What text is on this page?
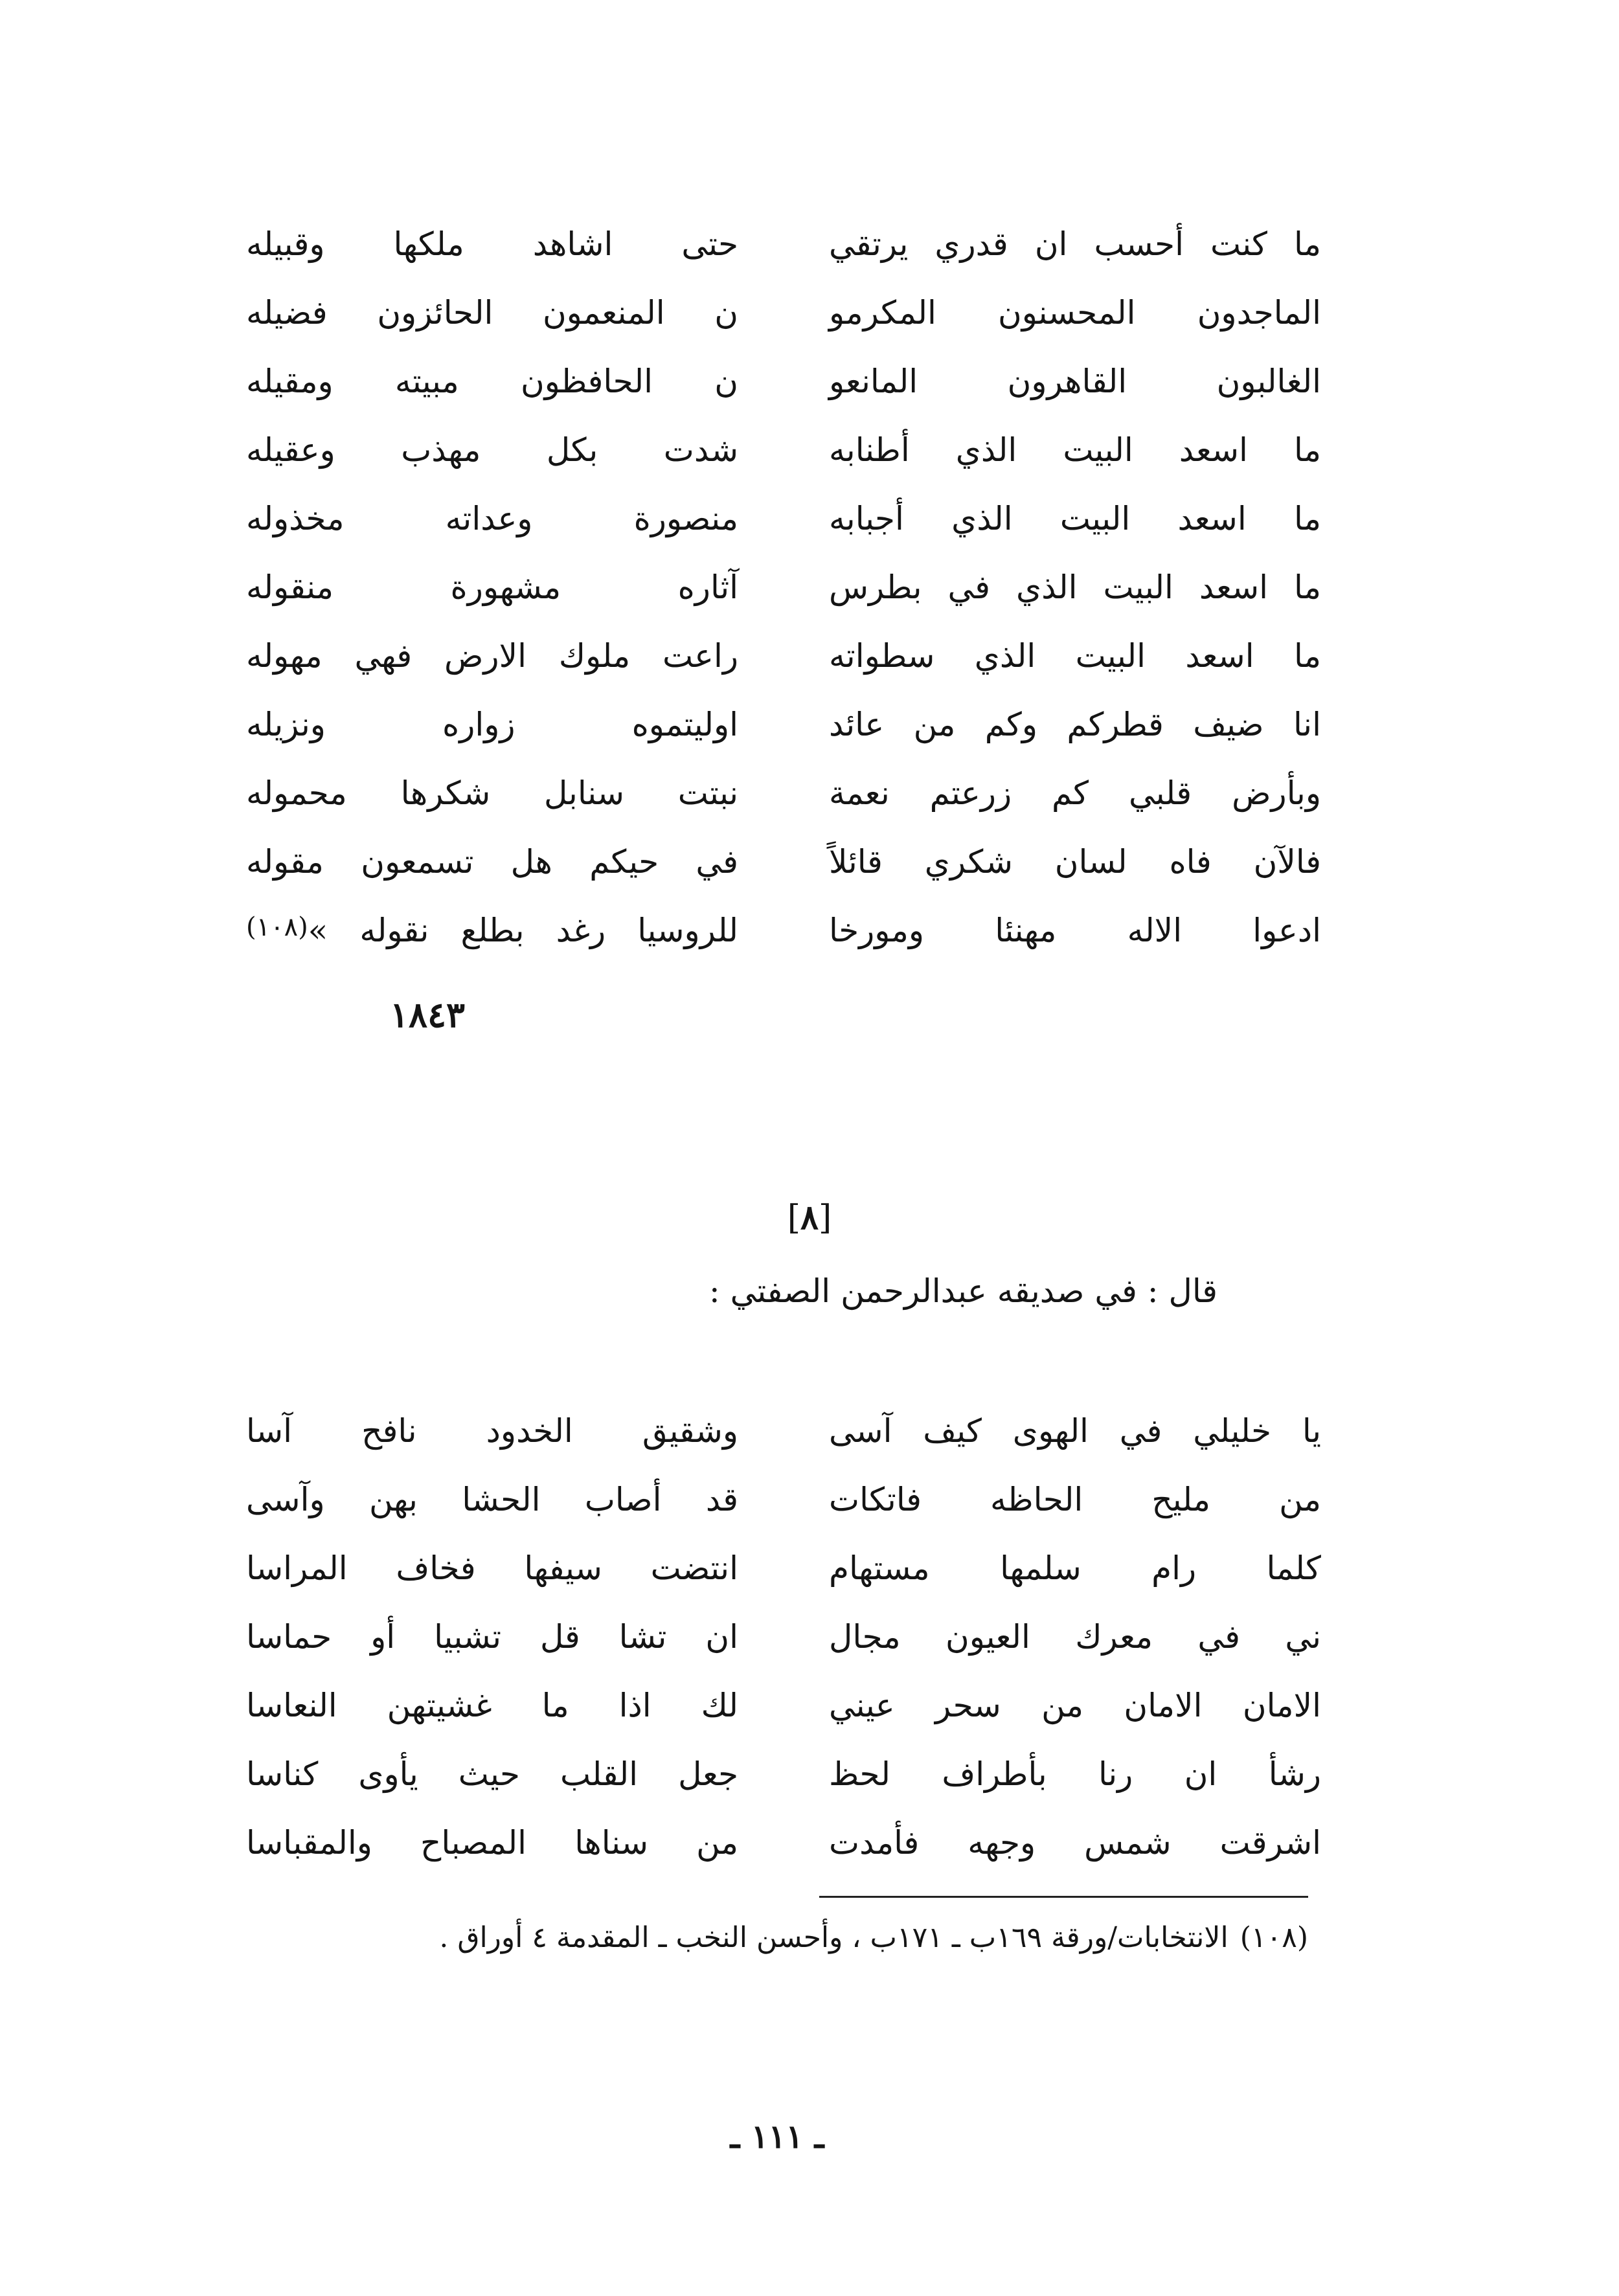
ما كنت أحسب ان قدري يرتقي
الماجدون المحسنون المكرمو
الغالبون القاهرون المانعو
ما اسعد البيت الذي أطنابه
ما اسعد البيت الذي أجبابه
ما اسعد البيت الذي في بطرس
ما اسعد البيت الذي سطواته
انا ضيف قطركم وكم من عائد
وبأرض قلبي كم زرعتم نعمة
فالآن فاه لسان شكري قائلاً
ادعوا الاله مهنئا ومورخا
حتى اشاهد ملكها وقبيله
ن المنعمون الحائزون فضيله
ن الحافظون مبيته ومقيله
شدت بكل مهذب وعقيله
منصورة وعداته مخذوله
آثاره مشهورة منقوله
راعت ملوك الارض فهي مهوله
اوليتموه زواره ونزيله
نبتت سنابل شكرها محموله
في حيكم هل تسمعون مقوله
للروسيا رغد بطلع نقوله »$^{(١٠٨)}$
١٨٤٣
[٨]
قال : في صديقه عبدالرحمن الصفتي :
يا خليلي في الهوى كيف آسى
من مليح الحاظه فاتكات
كلما رام سلمها مستهام
ني في معرك العيون مجال
الامان الامان من سحر عيني
رشأ ان رنا بأطراف لحظ
اشرقت شمس وجهه فأمدت
وشقيق الخدود نافح آسا
قد أصاب الحشا بهن وآسى
انتضت سيفها فخاف المراسا
ان تشا قل تشبيا أو حماسا
لك اذا ما غشيتهن النعاسا
جعل القلب حيث يأوى كناسا
من سناها المصباح والمقباسا
(١٠٨)الانتخابات/ورقة ١٦٩ب ـ ١٧١ب ، وأحسن النخب ـ المقدمة ٤ أوراق .
ـ ١١١ ـ
